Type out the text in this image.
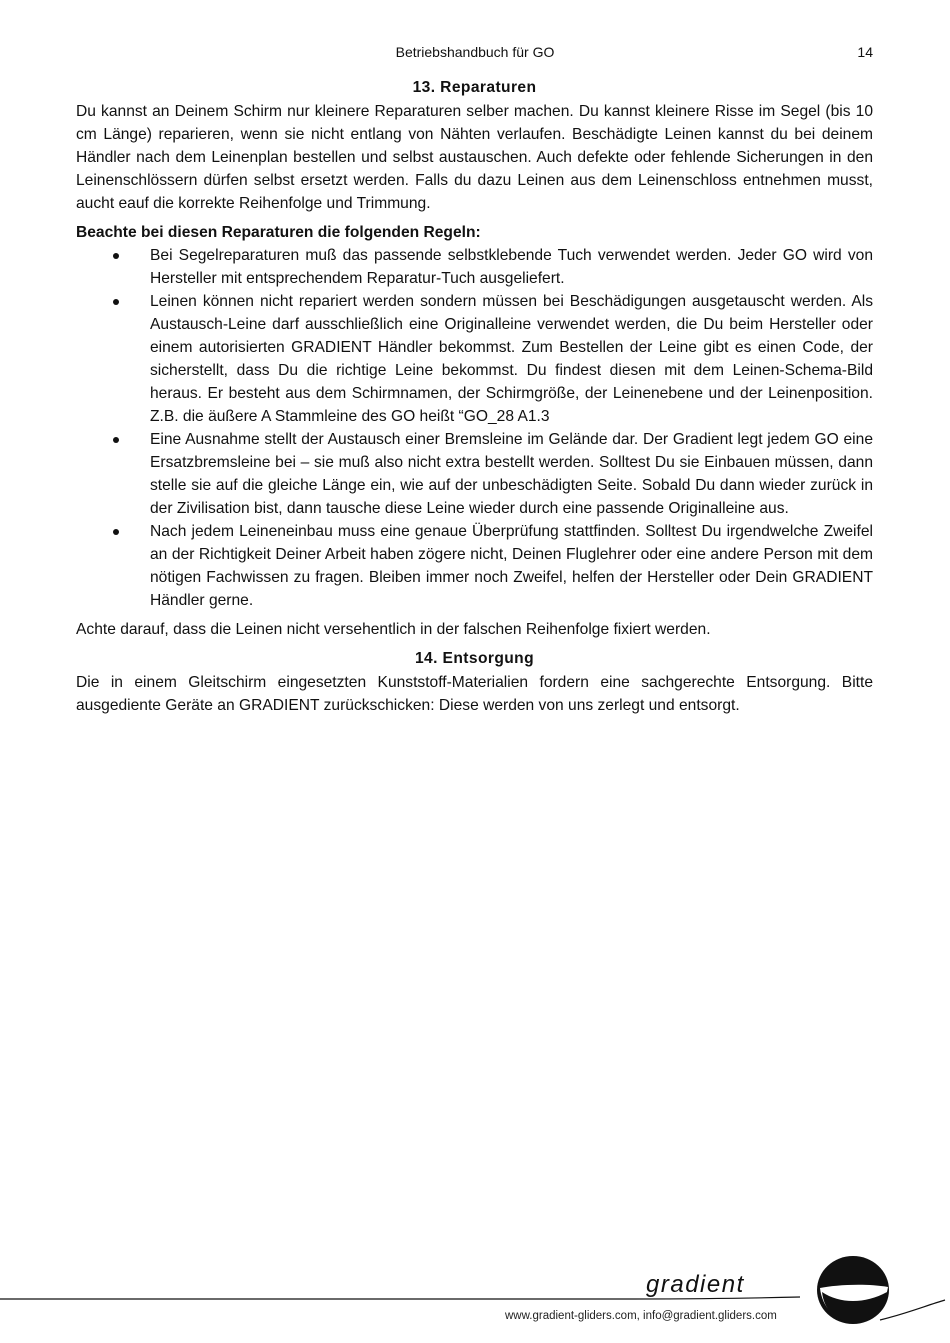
Betriebshandbuch für GO	14
13. Reparaturen

Du kannst an Deinem Schirm nur kleinere Reparaturen selber machen. Du kannst kleinere Risse im Segel (bis 10 cm Länge) reparieren, wenn sie nicht entlang von Nähten verlaufen. Beschädigte Leinen kannst du bei deinem Händler nach dem Leinenplan bestellen und selbst austauschen. Auch defekte oder fehlende Sicherungen in den Leinenschlössern dürfen selbst ersetzt werden. Falls du dazu Leinen aus dem Leinenschloss entnehmen musst, aucht eauf die korrekte Reihenfolge und Trimmung.

Beachte bei diesen Reparaturen die folgenden Regeln:

Bei Segelreparaturen muß das passende selbstklebende Tuch verwendet werden. Jeder GO wird von Hersteller mit entsprechendem Reparatur-Tuch ausgeliefert.
Leinen können nicht repariert werden sondern müssen bei Beschädigungen ausgetauscht werden. Als Austausch-Leine darf ausschließlich eine Originalleine verwendet werden, die Du beim Hersteller oder einem autorisierten GRADIENT Händler bekommst. Zum Bestellen der Leine gibt es einen Code, der sicherstellt, dass Du die richtige Leine bekommst. Du findest diesen mit dem Leinen-Schema-Bild heraus. Er besteht aus dem Schirmnamen, der Schirmgröße, der Leinenebene und der Leinenposition. Z.B. die äußere A Stammleine des GO heißt “GO_28 A1.3
Eine Ausnahme stellt der Austausch einer Bremsleine im Gelände dar. Der Gradient legt jedem GO eine Ersatzbremsleine bei – sie muß also nicht extra bestellt werden. Solltest Du sie Einbauen müssen, dann stelle sie auf die gleiche Länge ein, wie auf der unbeschädigten Seite. Sobald Du dann wieder zurück in der Zivilisation bist, dann tausche diese Leine wieder durch eine passende Originalleine aus.
Nach jedem Leineneinbau muss eine genaue Überprüfung stattfinden. Solltest Du irgendwelche Zweifel an der Richtigkeit Deiner Arbeit haben zögere nicht, Deinen Fluglehrer oder eine andere Person mit dem nötigen Fachwissen zu fragen. Bleiben immer noch Zweifel, helfen der Hersteller oder Dein GRADIENT Händler gerne.

Achte darauf, dass die Leinen nicht versehentlich in der falschen Reihenfolge fixiert werden.

14. Entsorgung

Die in einem Gleitschirm eingesetzten Kunststoff-Materialien fordern eine sachgerechte Entsorgung. Bitte ausgediente Geräte an GRADIENT zurückschicken: Diese werden von uns zerlegt und entsorgt.

gradient
www.gradient-gliders.com, info@gradient.gliders.com
